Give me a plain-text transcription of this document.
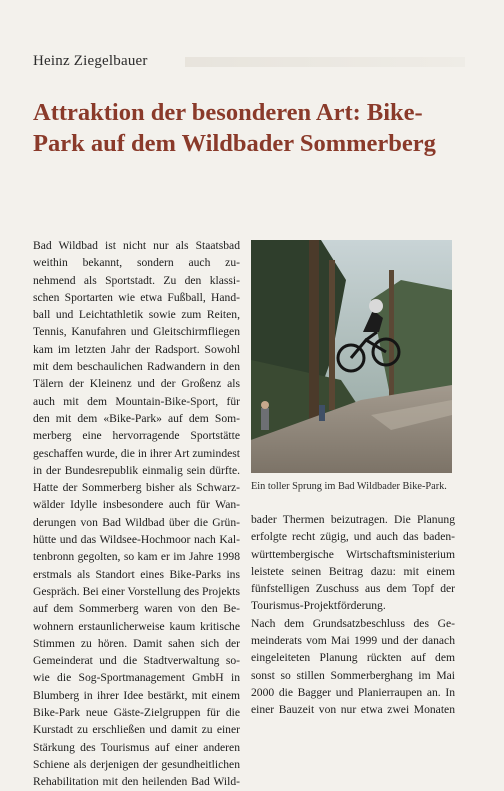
Heinz Ziegelbauer
Attraktion der besonderen Art: Bike-Park auf dem Wildbader Sommerberg
Bad Wildbad ist nicht nur als Staatsbad
weithin bekannt, sondern auch zu-
nehmend als Sportstadt. Zu den klassi-
schen Sportarten wie etwa Fußball, Hand-
ball und Leichtathletik sowie zum Reiten,
Tennis, Kanufahren und Gleitschirmfliegen
kam im letzten Jahr der Radsport. Sowohl
mit dem beschaulichen Radwandern in den
Tälern der Kleinenz und der Großenz als
auch mit dem Mountain-Bike-Sport, für
den mit dem «Bike-Park» auf dem Som-
merberg eine hervorragende Sportstätte
geschaffen wurde, die in ihrer Art zumindest
in der Bundesrepublik einmalig sein dürfte.
Hatte der Sommerberg bisher als Schwarz-
wälder Idylle insbesondere auch für Wan-
derungen von Bad Wildbad über die Grün-
hütte und das Wildsee-Hochmoor nach Kal-
tenbronn gegolten, so kam er im Jahre 1998
erstmals als Standort eines Bike-Parks ins
Gespräch. Bei einer Vorstellung des Projekts
auf dem Sommerberg waren von den Be-
wohnern erstaunlicherweise kaum kritische
Stimmen zu hören. Damit sahen sich der
Gemeinderat und die Stadtverwaltung so-
wie die Sog-Sportmanagement GmbH in
Blumberg in ihrer Idee bestärkt, mit einem
Bike-Park neue Gäste-Zielgruppen für die
Kurstadt zu erschließen und damit zu einer
Stärkung des Tourismus auf einer anderen
Schiene als derjenigen der gesundheitlichen
Rehabilitation mit den heilenden Bad Wild-
Ein toller Sprung im Bad Wildbader Bike-Park.

bader Thermen beizutragen. Die Planung
erfolgte recht zügig, und auch das baden-
württembergische Wirtschaftsministerium
leistete seinen Beitrag dazu: mit einem
fünfstelligen Zuschuss aus dem Topf der
Tourismus-Projektförderung.

Nach dem Grundsatzbeschluss des Ge-
meinderats vom Mai 1999 und der danach
eingeleiteten Planung rückten auf dem
sonst so stillen Sommerberghang im Mai
2000 die Bagger und Planierraupen an. In
einer Bauzeit von nur etwa zwei Monaten
